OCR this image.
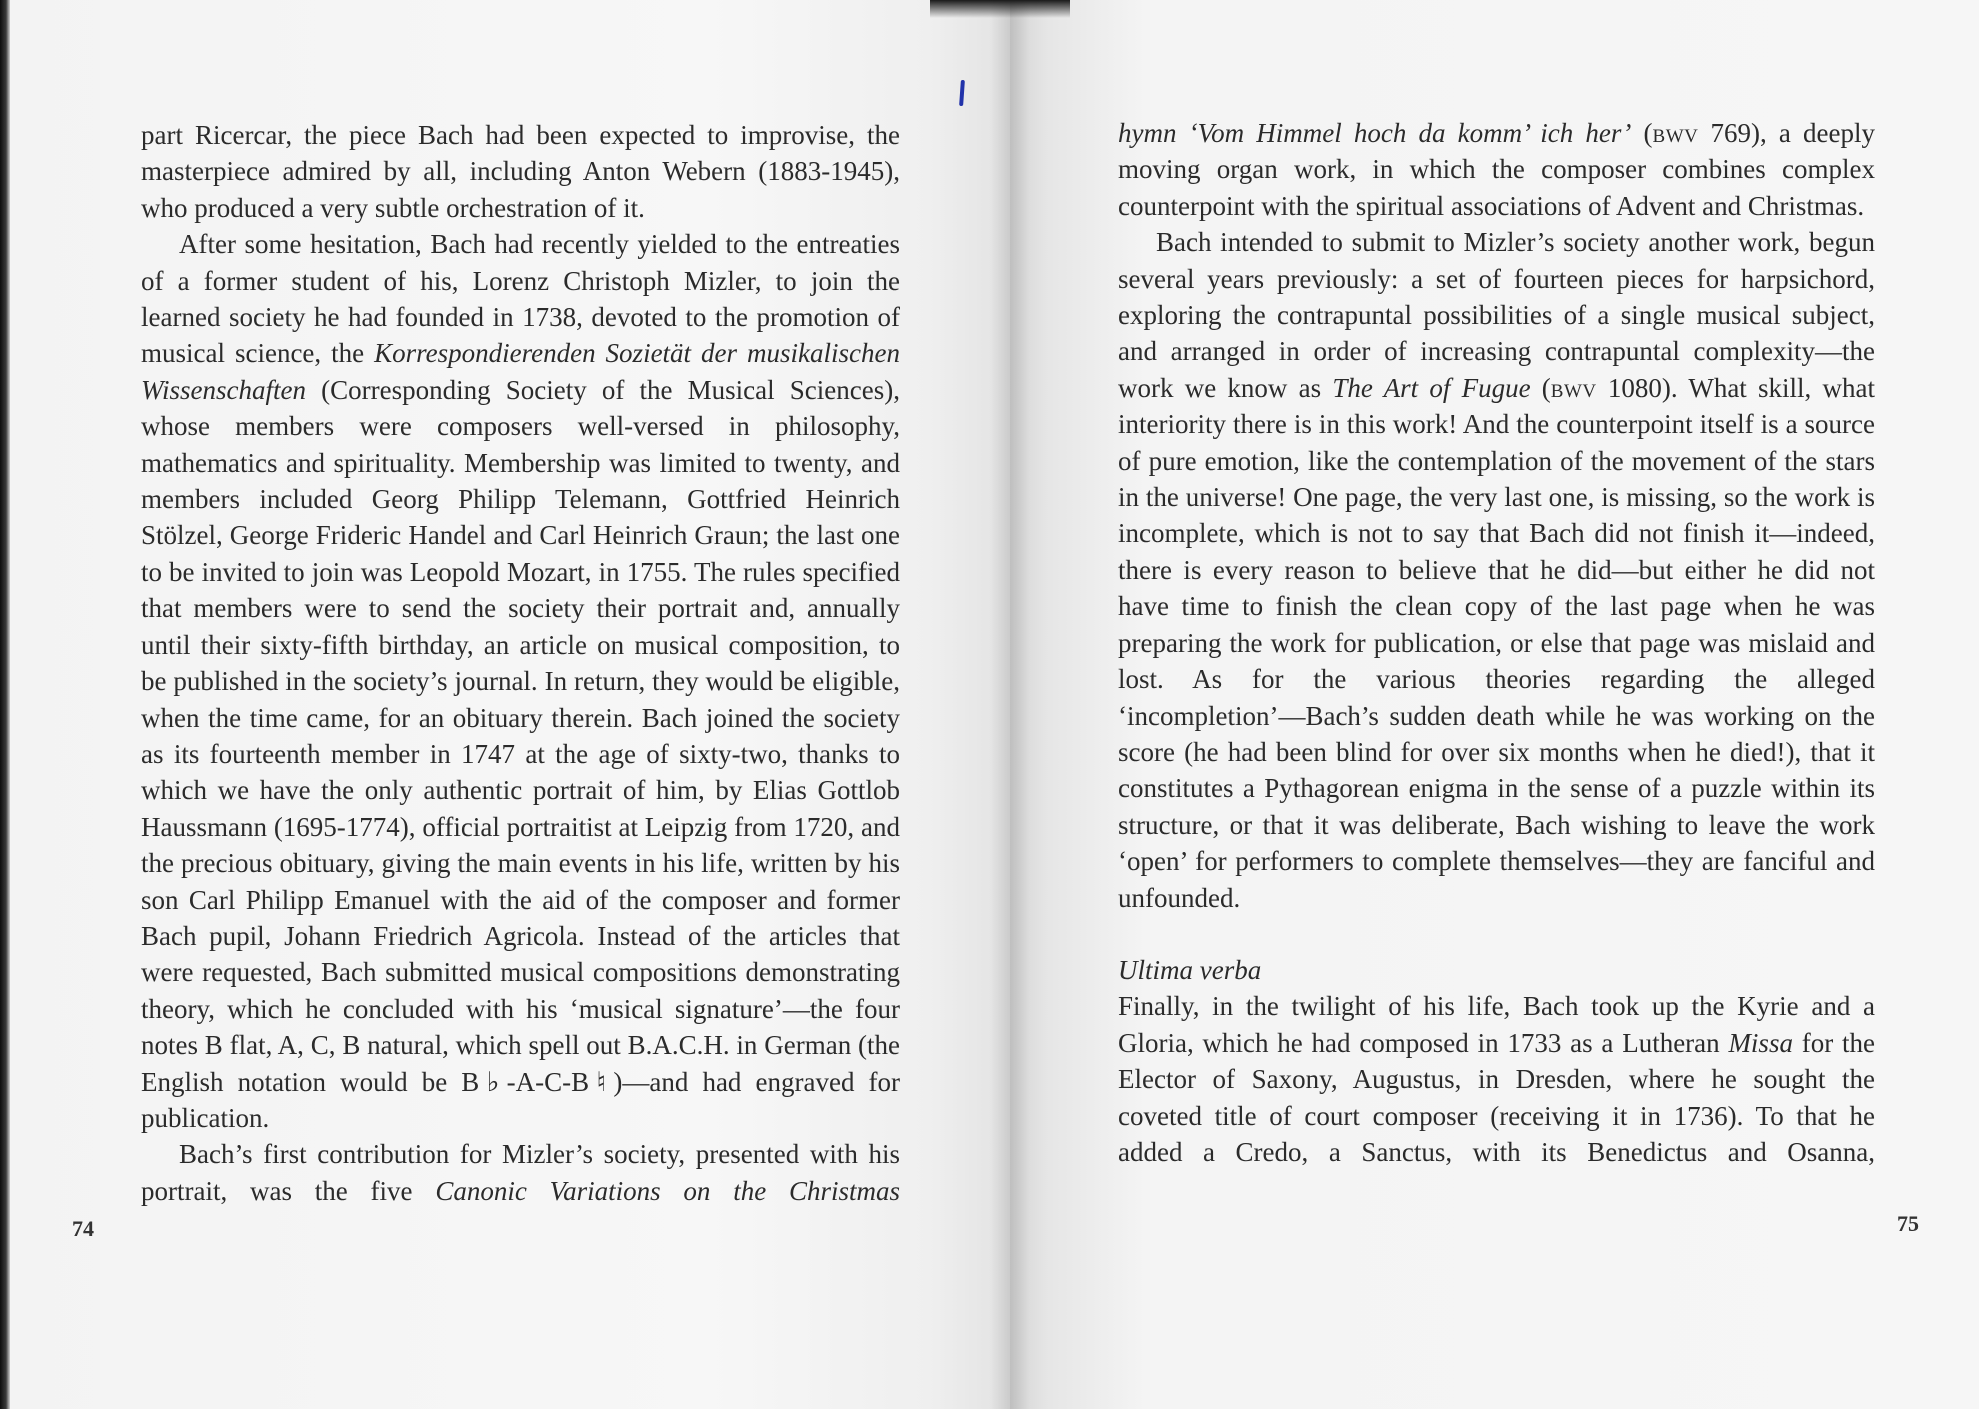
part Ricercar, the piece Bach had been expected to improvise, the masterpiece admired by all, including Anton Webern (1883-1945), who produced a very subtle orchestration of it.

After some hesitation, Bach had recently yielded to the entreaties of a former student of his, Lorenz Christoph Mizler, to join the learned society he had founded in 1738, devoted to the promotion of musical science, the Korrespondierenden Sozietät der musikalischen Wissenschaften (Corresponding Society of the Musical Sciences), whose members were composers well-versed in philosophy, mathematics and spirituality. Membership was limited to twenty, and members included Georg Philipp Telemann, Gottfried Heinrich Stölzel, George Frideric Handel and Carl Heinrich Graun; the last one to be invited to join was Leopold Mozart, in 1755. The rules specified that members were to send the society their portrait and, annually until their sixty-fifth birthday, an article on musical composition, to be published in the society’s journal. In return, they would be eligible, when the time came, for an obituary therein. Bach joined the society as its fourteenth member in 1747 at the age of sixty-two, thanks to which we have the only authentic portrait of him, by Elias Gottlob Haussmann (1695-1774), official portraitist at Leipzig from 1720, and the precious obituary, giving the main events in his life, written by his son Carl Philipp Emanuel with the aid of the composer and former Bach pupil, Johann Friedrich Agricola. Instead of the articles that were requested, Bach submitted musical compositions demonstrating theory, which he concluded with his ‘musical signature’—the four notes B flat, A, C, B natural, which spell out B.A.C.H. in German (the English notation would be B♭-A-C-B♮)—and had engraved for publication.

Bach’s first contribution for Mizler’s society, presented with his portrait, was the five Canonic Variations on the Christmas

74

hymn ‘Vom Himmel hoch da komm’ ich her’ (bwv 769), a deeply moving organ work, in which the composer combines complex counterpoint with the spiritual associations of Advent and Christmas.

Bach intended to submit to Mizler’s society another work, begun several years previously: a set of fourteen pieces for harpsichord, exploring the contrapuntal possibilities of a single musical subject, and arranged in order of increasing contrapuntal complexity—the work we know as The Art of Fugue (bwv 1080). What skill, what interiority there is in this work! And the counterpoint itself is a source of pure emotion, like the contemplation of the movement of the stars in the universe! One page, the very last one, is missing, so the work is incomplete, which is not to say that Bach did not finish it—indeed, there is every reason to believe that he did—but either he did not have time to finish the clean copy of the last page when he was preparing the work for publication, or else that page was mislaid and lost. As for the various theories regarding the alleged ‘incompletion’—Bach’s sudden death while he was working on the score (he had been blind for over six months when he died!), that it constitutes a Pythagorean enigma in the sense of a puzzle within its structure, or that it was deliberate, Bach wishing to leave the work ‘open’ for performers to complete themselves—they are fanciful and unfounded.

Ultima verba

Finally, in the twilight of his life, Bach took up the Kyrie and a Gloria, which he had composed in 1733 as a Lutheran Missa for the Elector of Saxony, Augustus, in Dresden, where he sought the coveted title of court composer (receiving it in 1736). To that he added a Credo, a Sanctus, with its Benedictus and Osanna,

75
